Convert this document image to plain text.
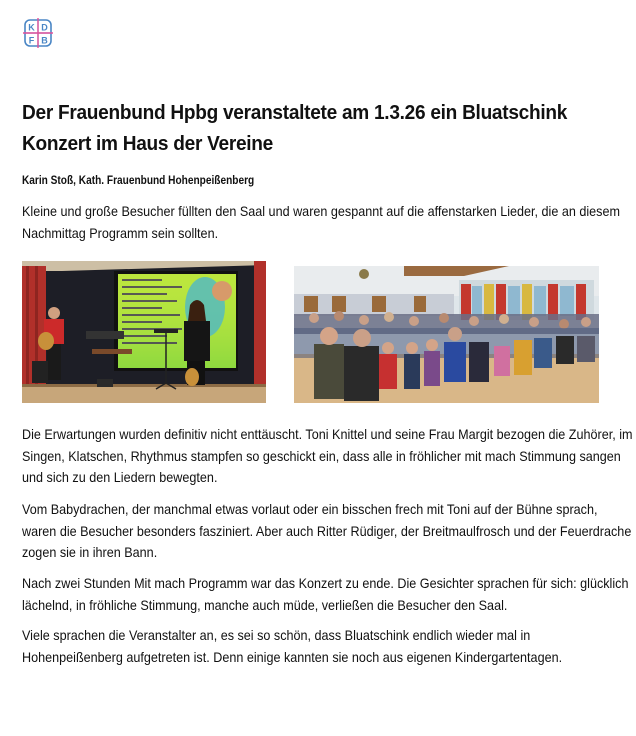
K D
F B
Der Frauenbund Hpbg veranstaltete am 1.3.26 ein Bluatschink Konzert im Haus der Vereine
Karin Stoß, Kath. Frauenbund Hohenpeißenberg

Kleine und große Besucher füllten den Saal und waren gespannt auf die affenstarken Lieder, die an diesem Nachmittag Programm sein sollten.

Die Erwartungen wurden definitiv nicht enttäuscht. Toni Knittel und seine Frau Margit bezogen die Zuhörer, im Singen, Klatschen, Rhythmus stampfen so geschickt ein, dass alle in fröhlicher mit mach Stimmung sangen und sich zu den Liedern bewegten.

Vom Babydrachen, der manchmal etwas vorlaut oder ein bisschen frech mit Toni auf der Bühne sprach, waren die Besucher besonders fasziniert. Aber auch Ritter Rüdiger, der Breitmaulfrosch und der Feuerdrache zogen sie in ihren Bann.

Nach zwei Stunden Mit mach Programm war das Konzert zu ende. Die Gesichter sprachen für sich: glücklich lächelnd, in fröhliche Stimmung, manche auch müde, verließen die Besucher den Saal.

Viele sprachen die Veranstalter an, es sei so schön, dass Bluatschink endlich wieder mal in Hohenpeißenberg aufgetreten ist. Denn einige kannten sie noch aus eigenen Kindergartentagen.
